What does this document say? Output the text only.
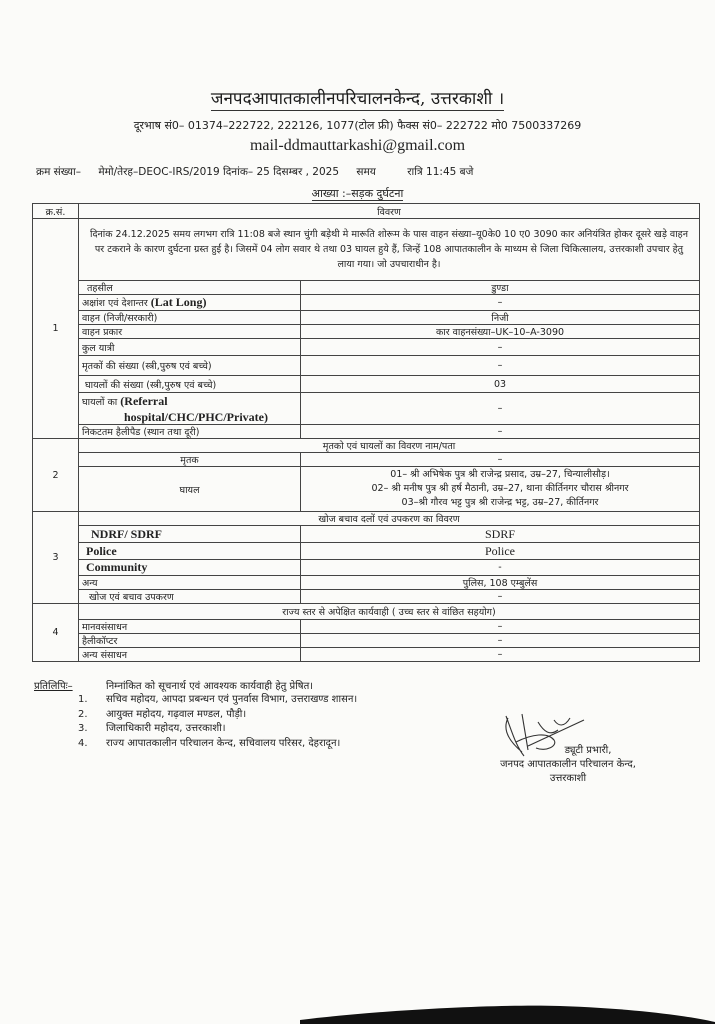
जनपदआपातकालीनपरिचालनकेन्द, उत्तरकाशी ।
दूरभाष सं0– 01374–222722, 222126, 1077(टोल फ्री) फैक्स सं0– 222722 मो0 7500337269
mail-ddmauttarkashi@gmail.com
क्रम संख्या– मेमो/तेरह–DEOC-IRS/2019 दिनांक– 25 दिसम्बर , 2025 समय	रात्रि 11:45 बजे
आख्या :–सड़क दुर्घटना
क्र.सं.	विवरण	
1	दिनांक 24.12.2025 समय लगभग रात्रि 11:08 बजे स्थान चुंगी बड़ेथी मे मारूति शोरूम के पास वाहन संख्या–यू0के0 10 ए0 3090 कार अनियंत्रित होकर दूसरे खड़े वाहन पर टकराने के कारण दुर्घटना ग्रस्त हुई है। जिसमें 04 लोग सवार थे तथा 03 घायल हुये हैं, जिन्हें 108 आपातकालीन के माध्यम से जिला चिकित्सालय, उत्तरकाशी उपचार हेतु लाया गया। जो उपचाराधीन है।	
	तहसील	डुण्डा
	अक्षांश एवं देशान्तर (Lat Long)	–
	वाहन (निजी/सरकारी)	निजी
	वाहन प्रकार	कार वाहनसंख्या–UK–10–A-3090
	कुल यात्री	–
	मृतकों की संख्या (स्त्री,पुरुष एवं बच्चे)	–
	घायलों की संख्या (स्त्री,पुरुष एवं बच्चे)	03
	घायलों का (Referral
hospital/CHC/PHC/Private)	–
	निकटतम हैलीपैड (स्थान तथा दूरी)	–
2	मृतको एवं घायलों का विवरण नाम/पता	
	मृतक	–
	घायल	01– श्री अभिषेक पुत्र श्री राजेन्द्र प्रसाद, उम्र–27, चिन्यालीसौड़।
02– श्री मनीष पुत्र श्री हर्ष मैठानी, उम्र–27, थाना कीर्तिनगर चौरास श्रीनगर
03–श्री गौरव भट्ट पुत्र श्री राजेन्द्र भट्ट, उम्र–27, कीर्तिनगर

3	खोज बचाव दलों एवं उपकरण का विवरण	
	NDRF/ SDRF	SDRF
	Police	Police
	Community	-
	अन्य	पुलिस, 108 एम्बुलेंस
	खोज एवं बचाव उपकरण	–
4	राज्य स्तर से अपेक्षित कार्यवाही ( उच्च स्तर से वांछित सहयोग)	
	मानवसंसाधन	–
	हैलीकॉप्टर	–
	अन्य संसाधन	–
प्रतिलिपिः–	निम्नांकित को सूचनार्थ एवं आवश्यक कार्यवाही हेतु प्रेषित।
1.	सचिव महोदय, आपदा प्रबन्धन एवं पुनर्वास विभाग, उत्तराखण्ड शासन।
2.	आयुक्त महोदय, गढ़वाल मण्डल, पौड़ी।
3.	जिलाधिकारी महोदय, उत्तरकाशी।
4.	राज्य आपातकालीन परिचालन केन्द, सचिवालय परिसर, देहरादून।
ड्यूटी प्रभारी,
जनपद आपातकालीन परिचालन केन्द,
उत्तरकाशी
